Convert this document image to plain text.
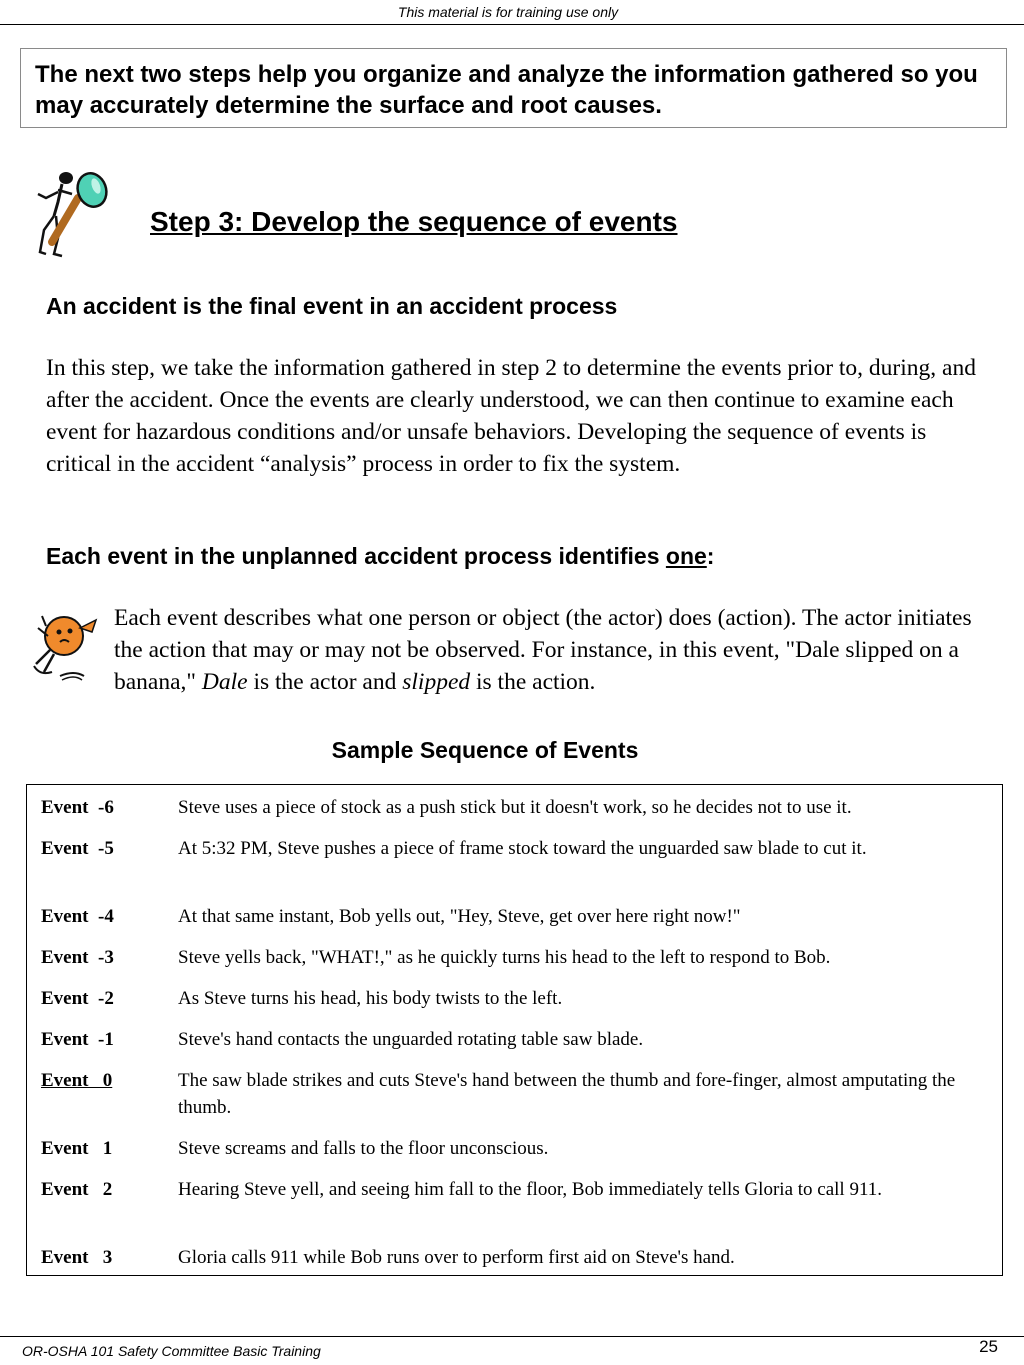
This material is for training use only
The next two steps help you organize and analyze the information gathered so you may accurately determine the surface and root causes.
Step 3: Develop the sequence of events
An accident is the final event in an accident process
In this step, we take the information gathered in step 2 to determine the events prior to, during, and after the accident. Once the events are clearly understood, we can then continue to examine each event for hazardous conditions and/or unsafe behaviors. Developing the sequence of events is critical in the accident “analysis” process in order to fix the system.
Each event in the unplanned accident process identifies one:
Each event describes what one person or object (the actor) does (action). The actor initiates the action that may or may not be observed. For instance, in this event, "Dale slipped on a banana," Dale is the actor and slipped is the action.
Sample Sequence of Events
Event  -6	Steve uses a piece of stock as a push stick but it doesn't work, so he decides not to use it.
Event  -5	At 5:32 PM, Steve pushes a piece of frame stock toward the unguarded saw blade to cut it.
Event  -4	At that same instant, Bob yells out, "Hey, Steve, get over here right now!"
Event  -3	Steve yells back, "WHAT!," as he quickly turns his head to the left to respond to Bob.
Event  -2	As Steve turns his head, his body twists to the left.
Event  -1	Steve's hand contacts the unguarded rotating table saw blade.
Event   0	The saw blade strikes and cuts Steve's hand between the thumb and fore-finger, almost amputating the thumb.
Event   1	Steve screams and falls to the floor unconscious.
Event   2	Hearing Steve yell, and seeing him fall to the floor, Bob immediately tells Gloria to call 911.
Event   3	Gloria calls 911 while Bob runs over to perform first aid on Steve's hand.
OR-OSHA 101 Safety Committee Basic Training	25
